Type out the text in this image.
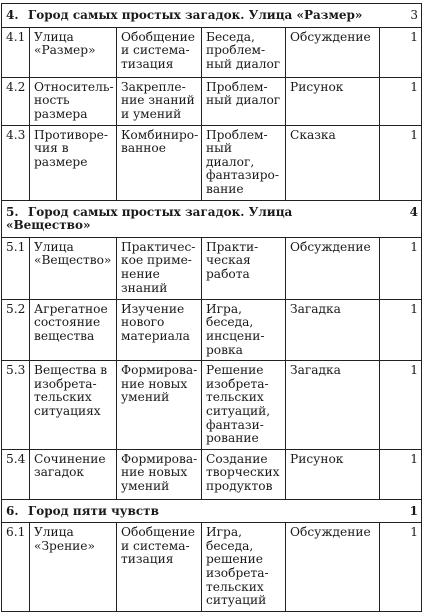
4. Город самых простых загадок. Улица «Размер»					3
4.1	Улица «Размер»	Обобщение и системa-тизация	Беседа, проблем-ный диалог	Обсуждение	1
4.2	Относитель-ность размера	Закрепле-ние знаний и умений	Проблем-ный диалог	Рисунок	1
4.3	Противоре-чия в размере	Комбиниро-ванное	Проблем-ный диалог, фантазиро-вание	Сказка	1
5. Город самых простых загадок. Улица «Вещество»					4
5.1	Улица «Вещество»	Практичес-кое приме-нение знаний	Практи-ческая работа	Обсуждение	1
5.2	Агрегатное состояние вещества	Изучение нового материала	Игра, беседа, инсцени-ровка	Загадка	1
5.3	Вещества в изобрета-тельских ситуациях	Формирова-ние новых умений	Решение изобрета-тельских ситуаций, фантази-рование	Загадка	1
5.4	Сочинение загадок	Формирова-ние новых умений	Создание творческих продуктов	Рисунок	1
6. Город пяти чувств					1
6.1	Улица «Зрение»	Обобщение и системa-тизация	Игра, беседа, решение изобрета-тельских ситуаций	Обсуждение	1
